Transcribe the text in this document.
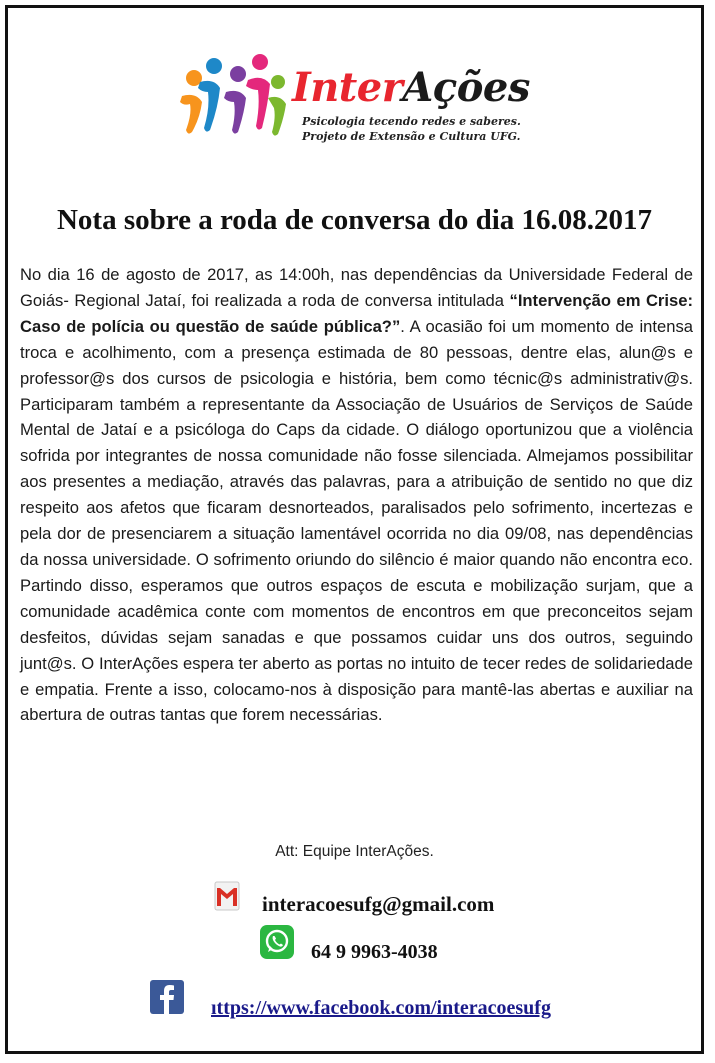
InterAções
Psicologia tecendo redes e saberes.
Projeto de Extensão e Cultura UFG.
Nota sobre a roda de conversa do dia 16.08.2017
No dia 16 de agosto de 2017, as 14:00h, nas dependências da Universidade Federal de Goiás- Regional Jataí, foi realizada a roda de conversa intitulada “Intervenção em Crise: Caso de polícia ou questão de saúde pública?”. A ocasião foi um momento de intensa troca e acolhimento, com a presença estimada de 80 pessoas, dentre elas, alun@s e professor@s dos cursos de psicologia e história, bem como técnic@s administrativ@s. Participaram também a representante da Associação de Usuários de Serviços de Saúde Mental de Jataí e a psicóloga do Caps da cidade. O diálogo oportunizou que a violência sofrida por integrantes de nossa comunidade não fosse silenciada. Almejamos possibilitar aos presentes a mediação, através das palavras, para a atribuição de sentido no que diz respeito aos afetos que ficaram desnorteados, paralisados pelo sofrimento, incertezas e pela dor de presenciarem a situação lamentável ocorrida no dia 09/08, nas dependências da nossa universidade. O sofrimento oriundo do silêncio é maior quando não encontra eco. Partindo disso, esperamos que outros espaços de escuta e mobilização surjam, que a comunidade acadêmica conte com momentos de encontros em que preconceitos sejam desfeitos, dúvidas sejam sanadas e que possamos cuidar uns dos outros, seguindo junt@s. O InterAções espera ter aberto as portas no intuito de tecer redes de solidariedade e empatia. Frente a isso, colocamo-nos à disposição para mantê-las abertas e auxiliar na abertura de outras tantas que forem necessárias.
Att: Equipe InterAções.
interacoesufg@gmail.com
64 9 9963-4038
ıttps://www.facebook.com/interacoesufg
